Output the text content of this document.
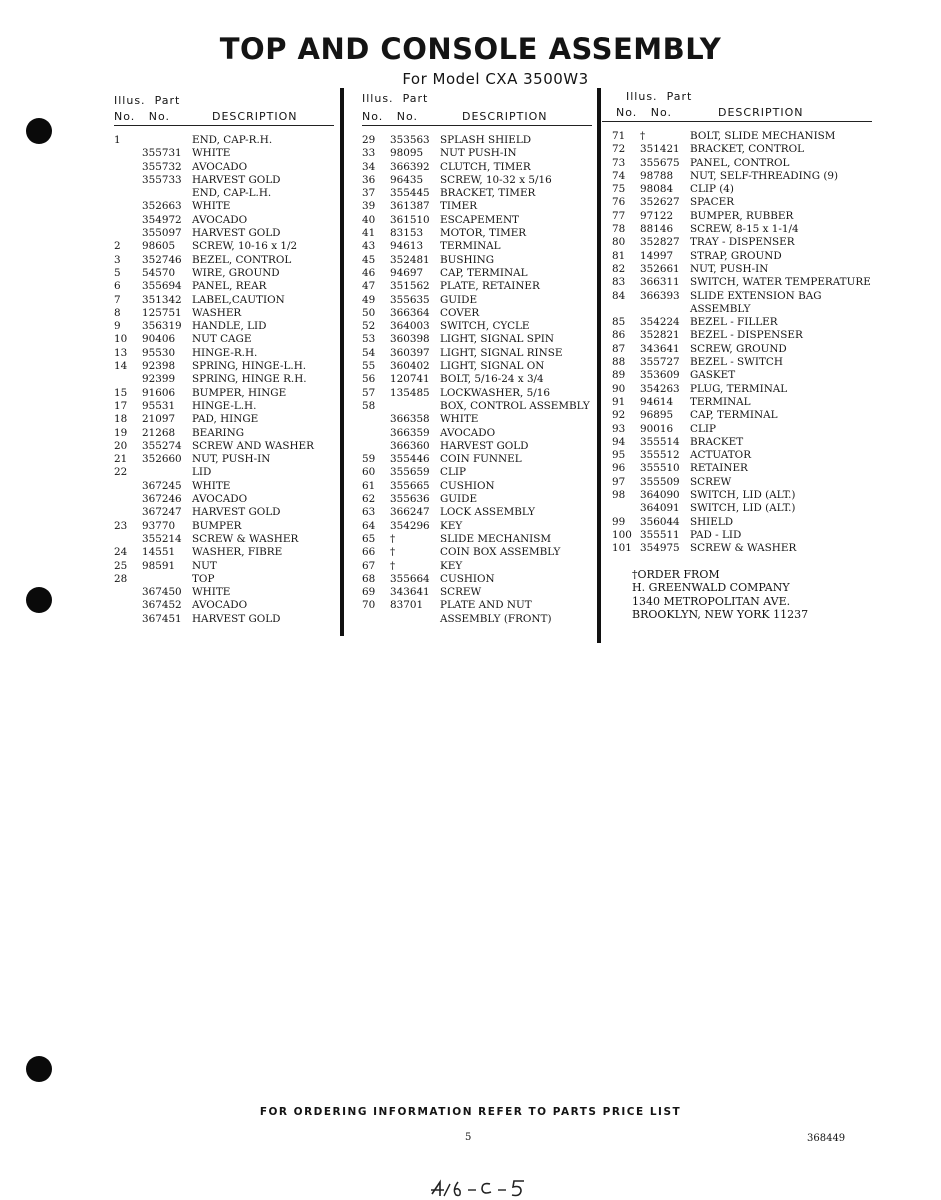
TOP AND CONSOLE ASSEMBLY
For Model CXA 3500W3
Illus. Part
No. No.	DESCRIPTION
1	END, CAP-R.H.
355731 WHITE
355732 AVOCADO
355733 HARVEST GOLD
END, CAP-L.H.
352663 WHITE
354972 AVOCADO
355097 HARVEST GOLD
2 98605 SCREW, 10-16 x 1/2
3 352746 BEZEL, CONTROL
5 54570 WIRE, GROUND
6 355694 PANEL, REAR
7 351342 LABEL,CAUTION
8 125751 WASHER
9 356319 HANDLE, LID
10 90406 NUT CAGE
13 95530 HINGE-R.H.
14 92398 SPRING, HINGE-L.H.
92399 SPRING, HINGE R.H.
15 91606 BUMPER, HINGE
17 95531 HINGE-L.H.
18 21097 PAD, HINGE
19 21268 BEARING
20 355274 SCREW AND WASHER
21 352660 NUT, PUSH-IN
22	LID
367245 WHITE
367246 AVOCADO
367247 HARVEST GOLD
23 93770 BUMPER
355214 SCREW & WASHER
24 14551 WASHER, FIBRE
25 98591 NUT
28	TOP
367450 WHITE
367452 AVOCADO
367451 HARVEST GOLD
Illus. Part
No. No.	DESCRIPTION
29 353563 SPLASH SHIELD
33 98095 NUT PUSH-IN
34 366392 CLUTCH, TIMER
36 96435 SCREW, 10-32 x 5/16
37 355445 BRACKET, TIMER
39 361387 TIMER
40 361510 ESCAPEMENT
41 83153 MOTOR, TIMER
43 94613 TERMINAL
45 352481 BUSHING
46 94697 CAP, TERMINAL
47 351562 PLATE, RETAINER
49 355635 GUIDE
50 366364 COVER
52 364003 SWITCH, CYCLE
53 360398 LIGHT, SIGNAL SPIN
54 360397 LIGHT, SIGNAL RINSE
55 360402 LIGHT, SIGNAL ON
56 120741 BOLT, 5/16-24 x 3/4
57 135485 LOCKWASHER, 5/16
58	BOX, CONTROL ASSEMBLY
366358 WHITE
366359 AVOCADO
366360 HARVEST GOLD
59 355446 COIN FUNNEL
60 355659 CLIP
61 355665 CUSHION
62 355636 GUIDE
63 366247 LOCK ASSEMBLY
64 354296 KEY
65 †	SLIDE MECHANISM
66 †	COIN BOX ASSEMBLY
67 †	KEY
68 355664 CUSHION
69 343641 SCREW
70 83701 PLATE AND NUT
ASSEMBLY (FRONT)
Illus. Part
No. No.	DESCRIPTION
71 †	BOLT, SLIDE MECHANISM
72 351421 BRACKET, CONTROL
73 355675 PANEL, CONTROL
74 98788 NUT, SELF-THREADING (9)
75 98084 CLIP (4)
76 352627 SPACER
77 97122 BUMPER, RUBBER
78 88146 SCREW, 8-15 x 1-1/4
80 352827 TRAY - DISPENSER
81 14997 STRAP, GROUND
82 352661 NUT, PUSH-IN
83 366311 SWITCH, WATER TEMPERATURE
84 366393 SLIDE EXTENSION BAG
ASSEMBLY
85 354224 BEZEL - FILLER
86 352821 BEZEL - DISPENSER
87 343641 SCREW, GROUND
88 355727 BEZEL - SWITCH
89 353609 GASKET
90 354263 PLUG, TERMINAL
91 94614 TERMINAL
92 96895 CAP, TERMINAL
93 90016 CLIP
94 355514 BRACKET
95 355512 ACTUATOR
96 355510 RETAINER
97 355509 SCREW
98 364090 SWITCH, LID (ALT.)
364091 SWITCH, LID (ALT.)
99 356044 SHIELD
100 355511 PAD - LID
101 354975 SCREW & WASHER
†ORDER FROM
H. GREENWALD COMPANY
1340 METROPOLITAN AVE.
BROOKLYN, NEW YORK 11237
FOR ORDERING INFORMATION REFER TO PARTS PRICE LIST
5	368449
